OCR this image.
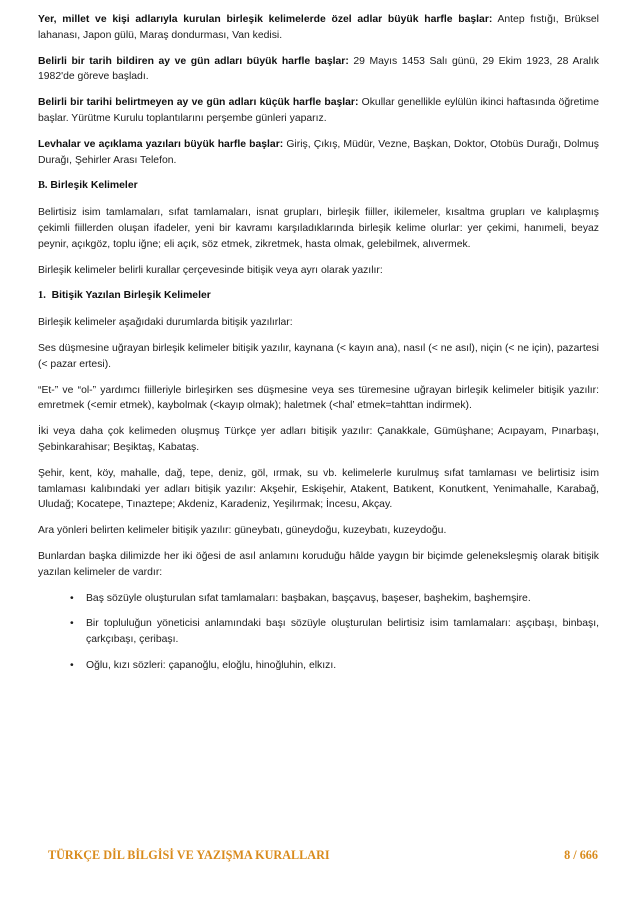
Yer, millet ve kişi adlarıyla kurulan birleşik kelimelerde özel adlar büyük harfle başlar: Antep fıstığı, Brüksel lahanası, Japon gülü, Maraş dondurması, Van kedisi.

Belirli bir tarih bildiren ay ve gün adları büyük harfle başlar: 29 Mayıs 1453 Salı günü, 29 Ekim 1923, 28 Aralık 1982'de göreve başladı.

Belirli bir tarihi belirtmeyen ay ve gün adları küçük harfle başlar: Okullar genellikle eylülün ikinci haftasında öğretime başlar. Yürütme Kurulu toplantılarını perşembe günleri yaparız.

Levhalar ve açıklama yazıları büyük harfle başlar: Giriş, Çıkış, Müdür, Vezne, Başkan, Doktor, Otobüs Durağı, Dolmuş Durağı, Şehirler Arası Telefon.

B. Birleşik Kelimeler

Belirtisiz isim tamlamaları, sıfat tamlamaları, isnat grupları, birleşik fiiller, ikilemeler, kısaltma grupları ve kalıplaşmış çekimli fiillerden oluşan ifadeler, yeni bir kavramı karşıladıklarında birleşik kelime olurlar: yer çekimi, hanımeli, beyaz peynir, açıkgöz, toplu iğne; eli açık, söz etmek, zikretmek, hasta olmak, gelebilmek, alıvermek.

Birleşik kelimeler belirli kurallar çerçevesinde bitişik veya ayrı olarak yazılır:

1. Bitişik Yazılan Birleşik Kelimeler

Birleşik kelimeler aşağıdaki durumlarda bitişik yazılırlar:

Ses düşmesine uğrayan birleşik kelimeler bitişik yazılır, kaynana (< kayın ana), nasıl (< ne asıl), niçin (< ne için), pazartesi (< pazar ertesi).

“Et-” ve “ol-” yardımcı fiilleriyle birleşirken ses düşmesine veya ses türemesine uğrayan birleşik kelimeler bitişik yazılır: emretmek (<emir etmek), kaybolmak (<kayıp olmak); haletmek (<hal’ etmek=tahttan indirmek).

İki veya daha çok kelimeden oluşmuş Türkçe yer adları bitişik yazılır: Çanakkale, Gümüşhane; Acıpayam, Pınarbaşı, Şebinkarahisar; Beşiktaş, Kabataş.

Şehir, kent, köy, mahalle, dağ, tepe, deniz, göl, ırmak, su vb. kelimelerle kurulmuş sıfat tamlaması ve belirtisiz isim tamlaması kalıbındaki yer adları bitişik yazılır: Akşehir, Eskişehir, Atakent, Batıkent, Konutkent, Yenimahalle, Karabağ, Uludağ; Kocatepe, Tınaztepe; Akdeniz, Karadeniz, Yeşilırmak; İncesu, Akçay.

Ara yönleri belirten kelimeler bitişik yazılır: güneybatı, güneydoğu, kuzeybatı, kuzeydoğu.

Bunlardan başka dilimizde her iki öğesi de asıl anlamını koruduğu hâlde yaygın bir biçimde geleneksleşmiş olarak bitişik yazılan kelimeler de vardır:

• Baş sözüyle oluşturulan sıfat tamlamaları: başbakan, başçavuş, başeser, başhekim, başhemşire.
• Bir topluluğun yöneticisi anlamındaki başı sözüyle oluşturulan belirtisiz isim tamlamaları: aşçıbaşı, binbaşı, çarkçıbaşı, çeribaşı.
• Oğlu, kızı sözleri: çapanoğlu, eloğlu, hinoğluhin, elkızı.
TÜRKÇE DİL BİLGİSİ VE YAZIŞMA KURALLARI	8 / 666
